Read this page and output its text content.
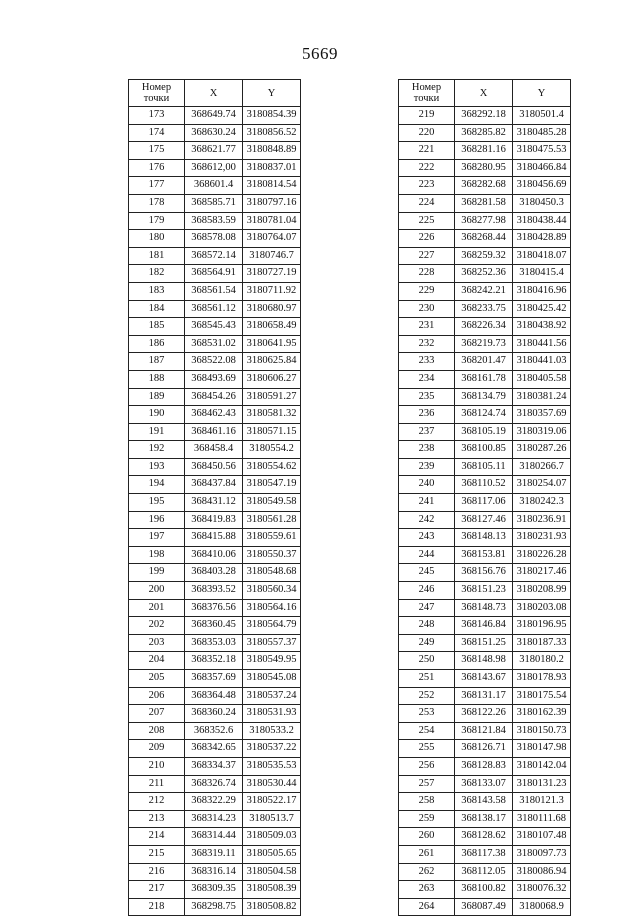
5669
Номер
точки	X	Y
173	368649.74	3180854.39
174	368630.24	3180856.52
175	368621.77	3180848.89
176	368612,00	3180837.01
177	368601.4	3180814.54
178	368585.71	3180797.16
179	368583.59	3180781.04
180	368578.08	3180764.07
181	368572.14	3180746.7
182	368564.91	3180727.19
183	368561.54	3180711.92
184	368561.12	3180680.97
185	368545.43	3180658.49
186	368531.02	3180641.95
187	368522.08	3180625.84
188	368493.69	3180606.27
189	368454.26	3180591.27
190	368462.43	3180581.32
191	368461.16	3180571.15
192	368458.4	3180554.2
193	368450.56	3180554.62
194	368437.84	3180547.19
195	368431.12	3180549.58
196	368419.83	3180561.28
197	368415.88	3180559.61
198	368410.06	3180550.37
199	368403.28	3180548.68
200	368393.52	3180560.34
201	368376.56	3180564.16
202	368360.45	3180564.79
203	368353.03	3180557.37
204	368352.18	3180549.95
205	368357.69	3180545.08
206	368364.48	3180537.24
207	368360.24	3180531.93
208	368352.6	3180533.2
209	368342.65	3180537.22
210	368334.37	3180535.53
211	368326.74	3180530.44
212	368322.29	3180522.17
213	368314.23	3180513.7
214	368314.44	3180509.03
215	368319.11	3180505.65
216	368316.14	3180504.58
217	368309.35	3180508.39
218	368298.75	3180508.82
Номер
точки	X	Y
219	368292.18	3180501.4
220	368285.82	3180485.28
221	368281.16	3180475.53
222	368280.95	3180466.84
223	368282.68	3180456.69
224	368281.58	3180450.3
225	368277.98	3180438.44
226	368268.44	3180428.89
227	368259.32	3180418.07
228	368252.36	3180415.4
229	368242.21	3180416.96
230	368233.75	3180425.42
231	368226.34	3180438.92
232	368219.73	3180441.56
233	368201.47	3180441.03
234	368161.78	3180405.58
235	368134.79	3180381.24
236	368124.74	3180357.69
237	368105.19	3180319.06
238	368100.85	3180287.26
239	368105.11	3180266.7
240	368110.52	3180254.07
241	368117.06	3180242.3
242	368127.46	3180236.91
243	368148.13	3180231.93
244	368153.81	3180226.28
245	368156.76	3180217.46
246	368151.23	3180208.99
247	368148.73	3180203.08
248	368146.84	3180196.95
249	368151.25	3180187.33
250	368148.98	3180180.2
251	368143.67	3180178.93
252	368131.17	3180175.54
253	368122.26	3180162.39
254	368121.84	3180150.73
255	368126.71	3180147.98
256	368128.83	3180142.04
257	368133.07	3180131.23
258	368143.58	3180121.3
259	368138.17	3180111.68
260	368128.62	3180107.48
261	368117.38	3180097.73
262	368112.05	3180086.94
263	368100.82	3180076.32
264	368087.49	3180068.9
